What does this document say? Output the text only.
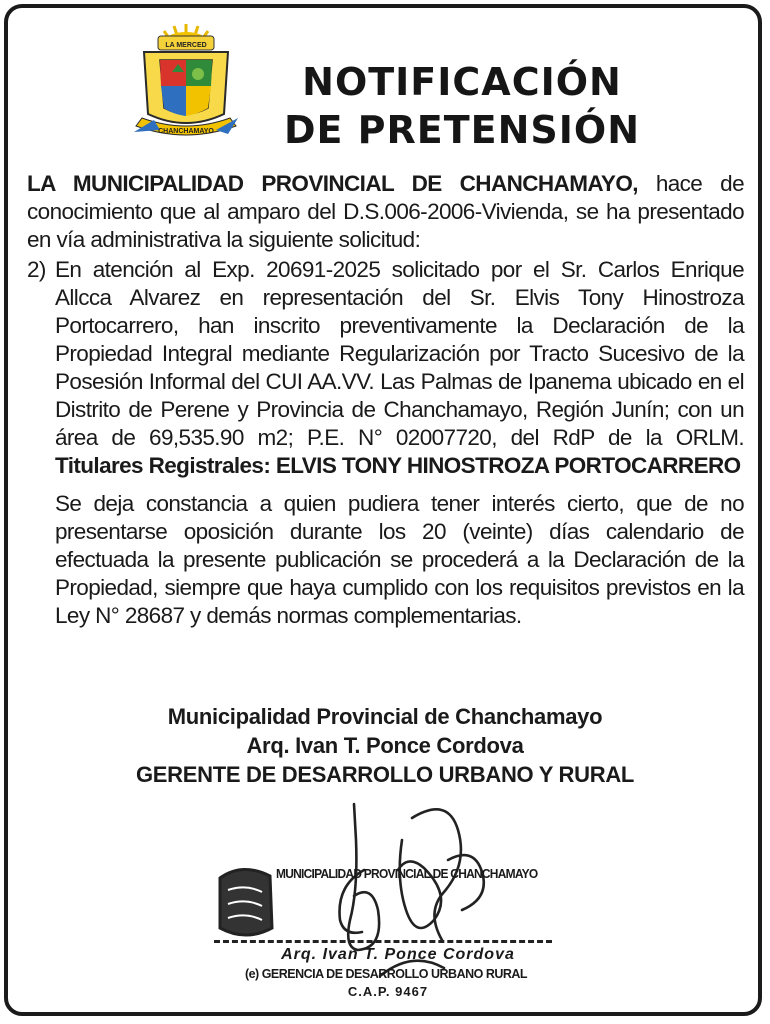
LA MERCED
CHANCHAMAYO
NOTIFICACIÓN
DE PRETENSIÓN

LA MUNICIPALIDAD PROVINCIAL DE CHANCHAMAYO, hace de conocimiento que al amparo del D.S.006-2006-Vivienda, se ha presentado en vía administrativa la siguiente solicitud:

2) En atención al Exp. 20691-2025 solicitado por el Sr. Carlos Enrique Allcca Alvarez en representación del Sr. Elvis Tony Hinostroza Portocarrero, han inscrito preventivamente la Declaración de la Propiedad Integral mediante Regularización por Tracto Sucesivo de la Posesión Informal del CUI AA.VV. Las Palmas de Ipanema ubicado en el Distrito de Perene y Provincia de Chanchamayo, Región Junín; con un área de 69,535.90 m2; P.E. N° 02007720, del RdP de la ORLM. Titulares Registrales: ELVIS TONY HINOSTROZA PORTOCARRERO

Se deja constancia a quien pudiera tener interés cierto, que de no presentarse oposición durante los 20 (veinte) días calendario de efectuada la presente publicación se procederá a la Declaración de la Propiedad, siempre que haya cumplido con los requisitos previstos en la Ley N° 28687 y demás normas complementarias.

Municipalidad Provincial de Chanchamayo
Arq. Ivan T. Ponce Cordova
GERENTE DE DESARROLLO URBANO Y RURAL
MUNICIPALIDAD PROVINCIAL DE CHANCHAMAYO
Arq. Ivan T. Ponce Cordova
(e) GERENCIA DE DESARROLLO URBANO RURAL
C.A.P. 9467
